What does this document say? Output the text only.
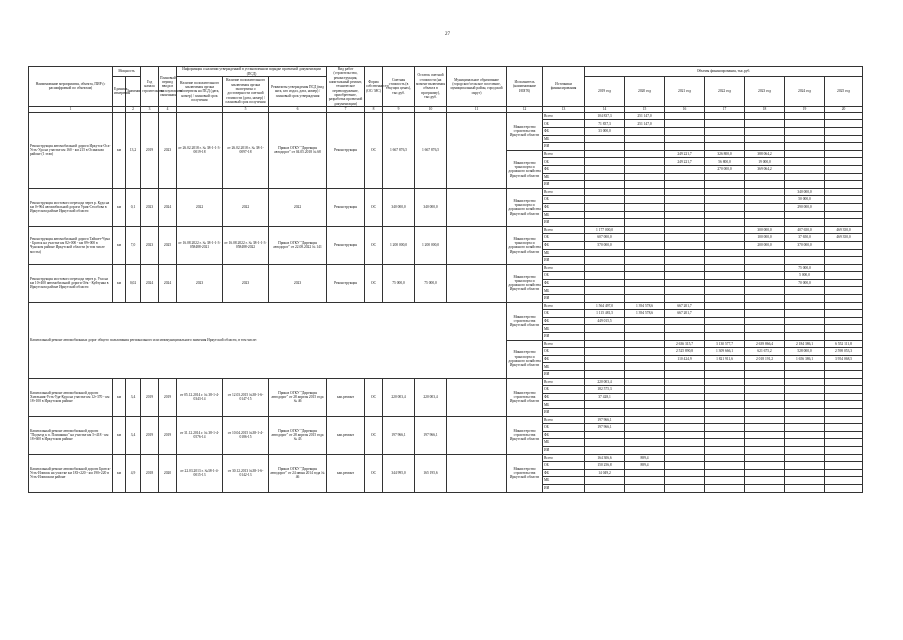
27
Наименование мероприятия, объекта, ПИР (с расшифровкой по объектам)	Мощность		Год начала строительства	Плановый период ввода в эксплуатацию/окончания	Информация о наличии утвержденной в установленном порядке проектной документации (ПСД)			Вид работ (строительство, реконструкция, капитальный ремонт, техническое перевооружение, приобретение, разработка проектной документации)	Форма собственности (ОС/ МС)	Сметная стоимость (в текущих ценах), тыс.руб.	Остаток сметной стоимости (на момент включения объекта в программу), тыс.руб.	Муниципальное образование (городское/сельское поселение, муниципальный район, городской округ)	Исполнитель (наименование ИОГВ)	Источники финансирования	Объемы финансирования, тыс.руб.						
	Единица измерения	Значение			Наличие положительного заключения органа экспертизы на ПСД (дата, номер) / плановый срок получения	Наличие положительного заключения органа экспертизы о достоверности сметной стоимости (дата, номер) / плановый срок получения	Реквизиты утверждения ПСД (вид акта, кто издал, дата, номер) / плановый срок утверждения								2019 год	2020 год	2021 год	2022 год	2023 год	2024 год	2025 год

1		2	3	4		5	6	7	8	9	10	11	12	13	14	15	16	17	18	19	20
Реконструкция автомобильной дороги Иркутск-Оса-Усть-Уда на участке км 160 - км 215 в Осинском районе (1 этап)	км	13,2	2019	2023	от 26.02.2018 г. № 38-1-1-3-0019-18	от 26.02.2018 г. № 38-1-0097-18	Приказ ОГКУ "Дирекция автодорог" от 04.05.2018 № 68	Реконструкция	ОС	1 667 876,5	1 667 876,5		Министерство строительства Иркутской области	Всего	104 837,3	251 147,0					
														ОБ	71 837,3	251 147,0					
														ФБ	33 000,0						
														МБ							
														ИИ							
													Министерство транспорта и дорожного хозяйства Иркутской области	Всего			249 221,7	326 800,0	388 064,2		
														ОБ			249 221,7	56 800,0	19 000,0		
														ФБ				270 000,0	369 064,2		
														МБ							
														ИИ							
Реконструкция мостового перехода через р. Куда на км 0+964 автомобильной дороги Урик-Столбова в Иркутском районе Иркутской области	км	0,1	2023	2024	2022	2022	2022	Реконструкция	ОС	340 000,0	340 000,0		Министерство транспорта и дорожного хозяйства Иркутской области	Всего						340 000,0	
														ОБ						50 000,0	
														ФБ						290 000,0	
														МБ							
														ИИ							
Реконструкция автомобильной дороги Тайшет-Чуна - Братск на участке км 82+000 - км 89+000 в Чунском районе Иркутской области (в том числе мосты)	км	7,0	2023	2025	от 16.08.2022 г. № 38-1-1-3-058488-2021	от 16.08.2022 г. № 38-1-1-3-058488-2022	Приказ ОГКУ "Дирекция автодорог" от 22.08.2022 № 141	Реконструкция	ОС	1 200 000,0	1 200 000,0		Министерство транспорта и дорожного хозяйства Иркутской области	Всего	1 177 000,0				300 000,0	407 650,0	469 350,0
														ОБ	607 000,0				100 000,0	37 650,0	469 350,0
														ФБ	570 000,0				200 000,0	370 000,0	
														МБ							
														ИИ							
Реконструкция мостового перехода через р. Ухи на км 10+400 автомобильной дороги Оёк - Куйтунка в Иркутском районе Иркутской области	км	0,02	2024	2024	2023	2023	2023	Реконструкция	ОС	75 000,0	75 000,0		Министерство транспорта и дорожного хозяйства Иркутской области	Всего						75 000,0	
														ОБ						5 000,0	
														ФБ						70 000,0	
														МБ							
														ИИ							
Капитальный ремонт автомобильных дорог общего пользования регионального или межмуниципального значения Иркутской области, в том числе:													Министерство строительства Иркутской области	Всего	1 564 497,0	1 394 578,6	667 201,7				
														ОБ	1 115 481,5	1 394 578,6	667 201,7				
														ФБ	449 015,5						
														МБ							
														ИИ							
													Министерство транспорта и дорожного хозяйства Иркутской области	Всего			2 636 315,7	3 130 577,7	2 639 866,4	2 184 386,1	6 552 111,8
														ОБ			2 525 890,8	1 309 666,1	621 675,2	528 000,0	2 598 053,3
														ФБ			110 424,9	1 821 911,6	2 018 191,2	1 656 386,1	3 954 068,5
														МБ							
														ИИ							
Капитальный ремонт автомобильной дороги Хмельник-Усть-Уда-Куда на участке км 12+370 - км 18+100 в Иркутском районе	км	3,4	2019	2019	от 05.12.2014 г. № 38-1-4-0343-14	от 12.03.2015 №38-1-6-0147-15	Приказ ОГКУ "Дирекция автодорог" от 28 апреля 2015 года № 46	кап.ремонт	ОС	220 003,4	220 003,4		Министерство строительства Иркутской области	Всего	220 003,4						
														ОБ	182 575,3						
														ФБ	37 428,1						
														МБ							
														ИИ							
Капитальный ремонт автомобильной дороги "Подъезд к п. Плишкино" на участке км 5+418 - км 18+600 в Иркутском районе	км	3,4	2019	2019	от 31.12.2014 г. № 38-1-4-0576-14	от 10.04.2015 №38-1-4-0186-15	Приказ ОГКУ "Дирекция автодорог" от 28 апреля 2015 года № 43	кап.ремонт	ОС	197 966,1	197 966,1		Министерство строительства Иркутской области	Всего	197 966,1						
														ОБ	197 966,1						
														ФБ							
														МБ							
														ИИ							
Капитальный ремонт автомобильной дороги Братск-Усть-Илимск на участке км 183+220 - км 190+220 в Усть-Илимском районе	км	4,9	2018	2020	от 22.03.2013 г. №38-1-4-0015-13	от 30.12.2013 №38-1-6-0142-13	Приказ ОГКУ "Дирекция автодорог" от 24 июня 2014 года № 46	кап.ремонт	ОС	344 995,0	165 195,6		Министерство строительства Иркутской области	Всего	164 306,6	889,4					
														ОБ	150 256,8	889,4					
														ФБ	14 049,2						
														МБ							
														ИИ							
